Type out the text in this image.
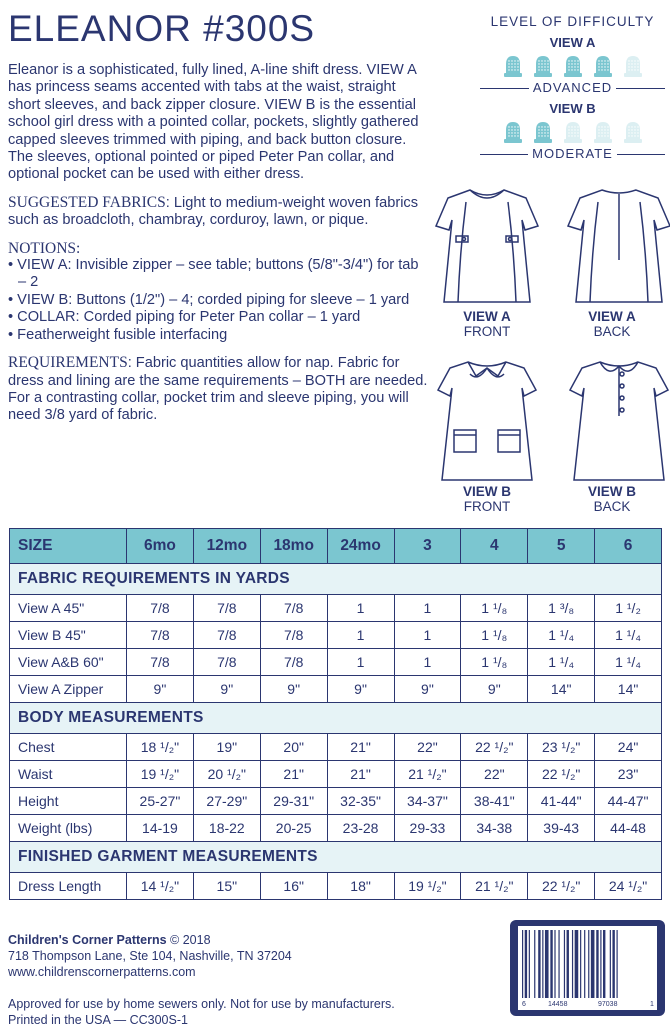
ELEANOR #300S

Eleanor is a sophisticated, fully lined, A-line shift dress. VIEW A has princess seams accented with tabs at the waist, straight short sleeves, and back zipper closure. VIEW B is the essential school girl dress with a pointed collar, pockets, slightly gathered capped sleeves trimmed with piping, and back button closure. The sleeves, optional pointed or piped Peter Pan collar, and optional pocket can be used with either dress.

SUGGESTED FABRICS: Light to medium-weight woven fabrics such as broadcloth, chambray, corduroy, lawn, or pique.

NOTIONS:
• VIEW A: Invisible zipper – see table; buttons (5/8"-3/4") for tab – 2
• VIEW B: Buttons (1/2") – 4; corded piping for sleeve – 1 yard
• COLLAR: Corded piping for Peter Pan collar – 1 yard
• Featherweight fusible interfacing

REQUIREMENTS: Fabric quantities allow for nap. Fabric for dress and lining are the same requirements – BOTH are needed. For a contrasting collar, pocket trim and sleeve piping, you will need 3/8 yard of fabric.

LEVEL OF DIFFICULTY
VIEW A
ADVANCED
VIEW B
MODERATE
VIEW A
FRONT
VIEW A
BACK
VIEW B
FRONT
VIEW B
BACK
SIZE	6mo	12mo	18mo	24mo	3	4	5	6
FABRIC REQUIREMENTS IN YARDS								
View A 45"	7/8	7/8	7/8	1	1	1 ¹/₈	1 ³/₈	1 ¹/₂
View B 45"	7/8	7/8	7/8	1	1	1 ¹/₈	1 ¹/₄	1 ¹/₄
View A&B 60"	7/8	7/8	7/8	1	1	1 ¹/₈	1 ¹/₄	1 ¹/₄
View A Zipper	9"	9"	9"	9"	9"	9"	14"	14"
BODY MEASUREMENTS								
Chest	18 ¹/₂"	19"	20"	21"	22"	22 ¹/₂"	23 ¹/₂"	24"
Waist	19 ¹/₂"	20 ¹/₂"	21"	21"	21 ¹/₂"	22"	22 ¹/₂"	23"
Height	25-27"	27-29"	29-31"	32-35"	34-37"	38-41"	41-44"	44-47"
Weight (lbs)	14-19	18-22	20-25	23-28	29-33	34-38	39-43	44-48
FINISHED GARMENT MEASUREMENTS								
Dress Length	14 ¹/₂"	15"	16"	18"	19 ¹/₂"	21 ¹/₂"	22 ¹/₂"	24 ¹/₂"
Children's Corner Patterns © 2018
718 Thompson Lane, Ste 104, Nashville, TN 37204
www.childrenscornerpatterns.com
Approved for use by home sewers only. Not for use by manufacturers.
Printed in the USA — CC300S-1
6	14458	97038	1
